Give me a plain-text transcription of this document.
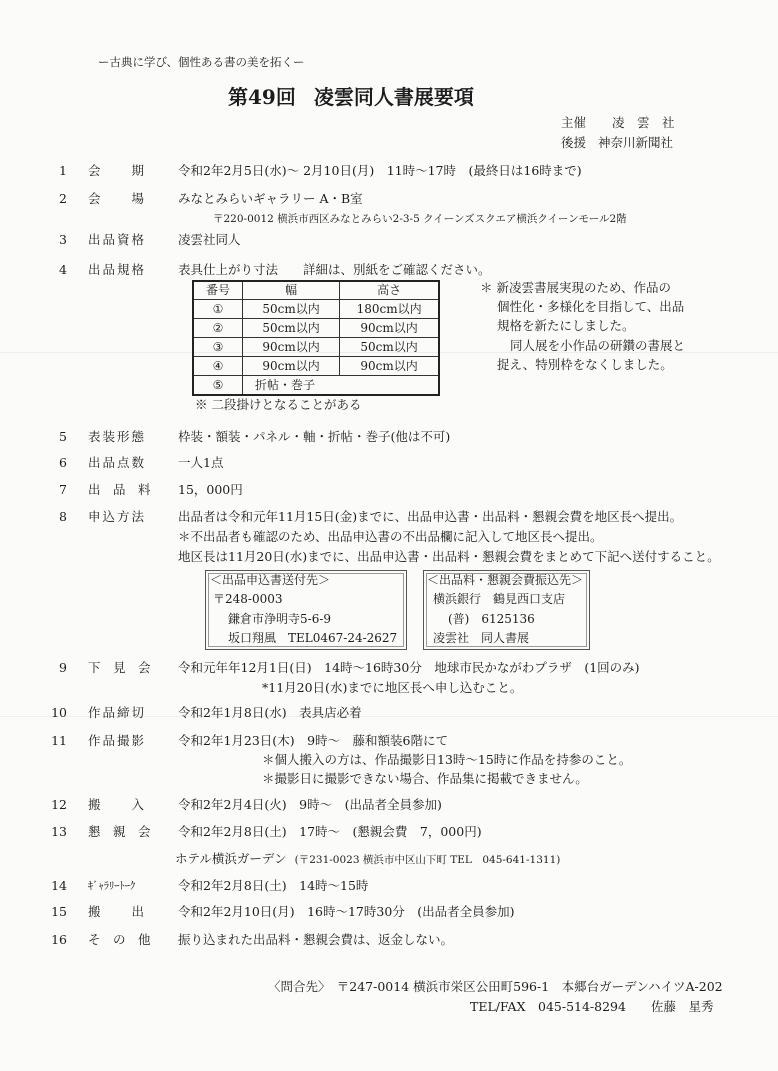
ー古典に学び、個性ある書の美を拓くー
第49回 凌雲同人書展要項
主催 凌　雲　社
後援 神奈川新聞社
1 会　　期	令和2年2月5日(水)～ 2月10日(月)　11時～17時　(最終日は16時まで)
2 会　　場	みなとみらいギャラリー A・B室
〒220-0012 横浜市西区みなとみらい2-3-5 クイーンズスクエア横浜クイーンモール2階
3 出品資格	凌雲社同人
4 出品規格	表具仕上がり寸法　　詳細は、別紙をご確認ください。
番号	幅	高さ
①	50cm以内	180cm以内
②	50cm以内	90cm以内
③	90cm以内	50cm以内
④	90cm以内	90cm以内
⑤	折帖・巻子	
※ 二段掛けとなることがある
＊ 新凌雲書展実現のため、作品の
個性化・多様化を目指して、出品
規格を新たにしました。
同人展を小作品の研鑽の書展と
捉え、特別枠をなくしました。
5 表装形態	枠装・額装・パネル・軸・折帖・巻子(他は不可)
6 出品点数	一人1点
7 出　品　料 15，000円
8 申込方法	出品者は令和元年11月15日(金)までに、出品申込書・出品料・懇親会費を地区長へ提出。
＊不出品者も確認のため、出品申込書の不出品欄に記入して地区長へ提出。
地区長は11月20日(水)までに、出品申込書・出品料・懇親会費をまとめて下記へ送付すること。
＜出品申込書送付先＞
〒248-0003
鎌倉市浄明寺5-6-9
坂口翔風　TEL0467-24-2627
＜出品料・懇親会費振込先＞
横浜銀行　鶴見西口支店
(普)　6125136
凌雲社　同人書展
9 下　見　会 令和元年年12月1日(日)　14時～16時30分　地球市民かながわプラザ　(1回のみ)
*11月20日(水)までに地区長へ申し込むこと。
10 作品締切	令和2年1月8日(水)　表具店必着
11 作品撮影	令和2年1月23日(木)　9時～　藤和額装6階にて
＊個人搬入の方は、作品撮影日13時～15時に作品を持参のこと。
＊撮影日に撮影できない場合、作品集に掲載できません。
12 搬　　入	令和2年2月4日(火)　9時～　(出品者全員参加)
13 懇　親　会 令和2年2月8日(土)　17時～　(懇親会費　7，000円)
ホテル横浜ガーデン (〒231-0023 横浜市中区山下町 TEL　045-641-1311)
14 ｷﾞｬﾗﾘｰﾄｰｸ	令和2年2月8日(土)　14時～15時
15 搬　　出	令和2年2月10日(月)　16時～17時30分　(出品者全員参加)
16 そ　の　他 振り込まれた出品料・懇親会費は、返金しない。
〈問合先〉　〒247-0014 横浜市栄区公田町596-1　本郷台ガーデンハイツA-202
TEL/FAX　045-514-8294　　佐藤　星秀
